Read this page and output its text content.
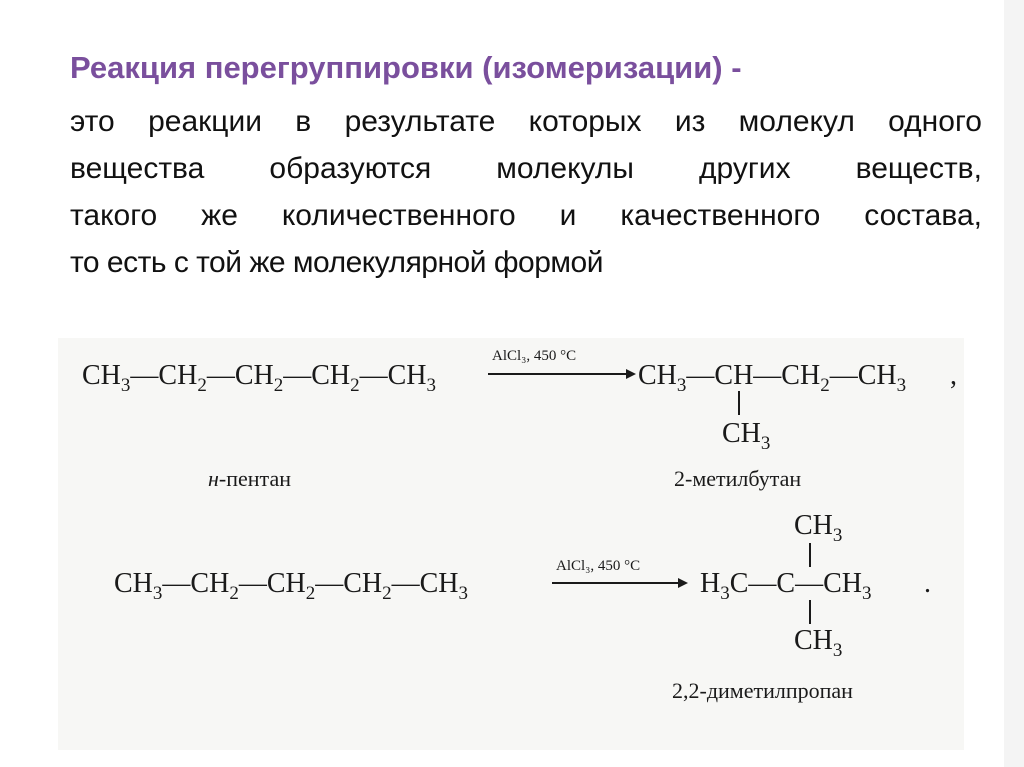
Реакция перегруппировки (изомеризации) -
это реакции в результате которых из молекул одного
вещества образуются молекулы других веществ,
такого же количественного и качественного состава,
то есть с той же молекулярной формой
$CH_3—CH_2—CH_2—CH_2—CH_3$
AlCl₃, 450 °C
$CH_3—CH—CH_2—CH_3$ ,
$CH_3$
н-пентан	2-метилбутан
$CH_3$
$CH_3—CH_2—CH_2—CH_2—CH_3$
AlCl₃, 450 °C
$H_3C—C—CH_3$ .
$CH_3$
2,2-диметилпропан
